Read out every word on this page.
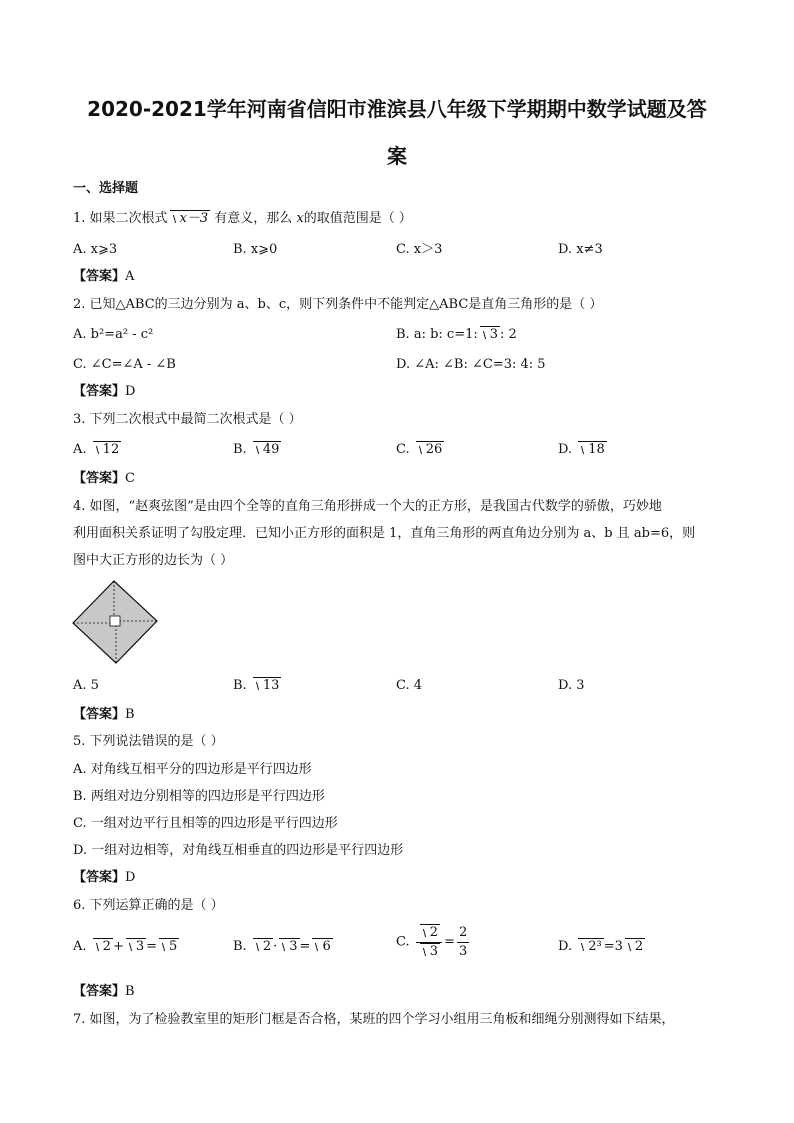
2020-2021学年河南省信阳市淮滨县八年级下学期期中数学试题及答
案
一、选择题
1. 如果二次根式 x－3 有意义，那么 x的取值范围是（ ）
A. x⩾3	B. x⩾0	C. x＞3	D. x≠3
【答案】A
2. 已知△ABC的三边分别为 a、b、c，则下列条件中不能判定△ABC是直角三角形的是（ ）
A. b²=a² - c²	B. a: b: c=1: 3 : 2
C. ∠C=∠A - ∠B	D. ∠A: ∠B: ∠C=3: 4: 5
【答案】D
3. 下列二次根式中最简二次根式是（ ）
A. 12	B. 49	C. 26	D. 18
【答案】C
4. 如图，“赵爽弦图”是由四个全等的直角三角形拼成一个大的正方形，是我国古代数学的骄傲，巧妙地
利用面积关系证明了勾股定理．已知小正方形的面积是 1，直角三角形的两直角边分别为 a、b 且 ab=6，则
图中大正方形的边长为（ ）
A. 5	B. 13	C. 4	D. 3
【答案】B
5. 下列说法错误的是（ ）
A. 对角线互相平分的四边形是平行四边形
B. 两组对边分别相等的四边形是平行四边形
C. 一组对边平行且相等的四边形是平行四边形
D. 一组对边相等，对角线互相垂直的四边形是平行四边形
【答案】D
6. 下列运算正确的是（ ）
A. 2 + 3 = 5	B. 2 · 3 = 6	C. $\frac{2}{3} = \frac{2}{3}$	D. 2³ =3 2
【答案】B
7. 如图，为了检验教室里的矩形门框是否合格，某班的四个学习小组用三角板和细绳分别测得如下结果，
